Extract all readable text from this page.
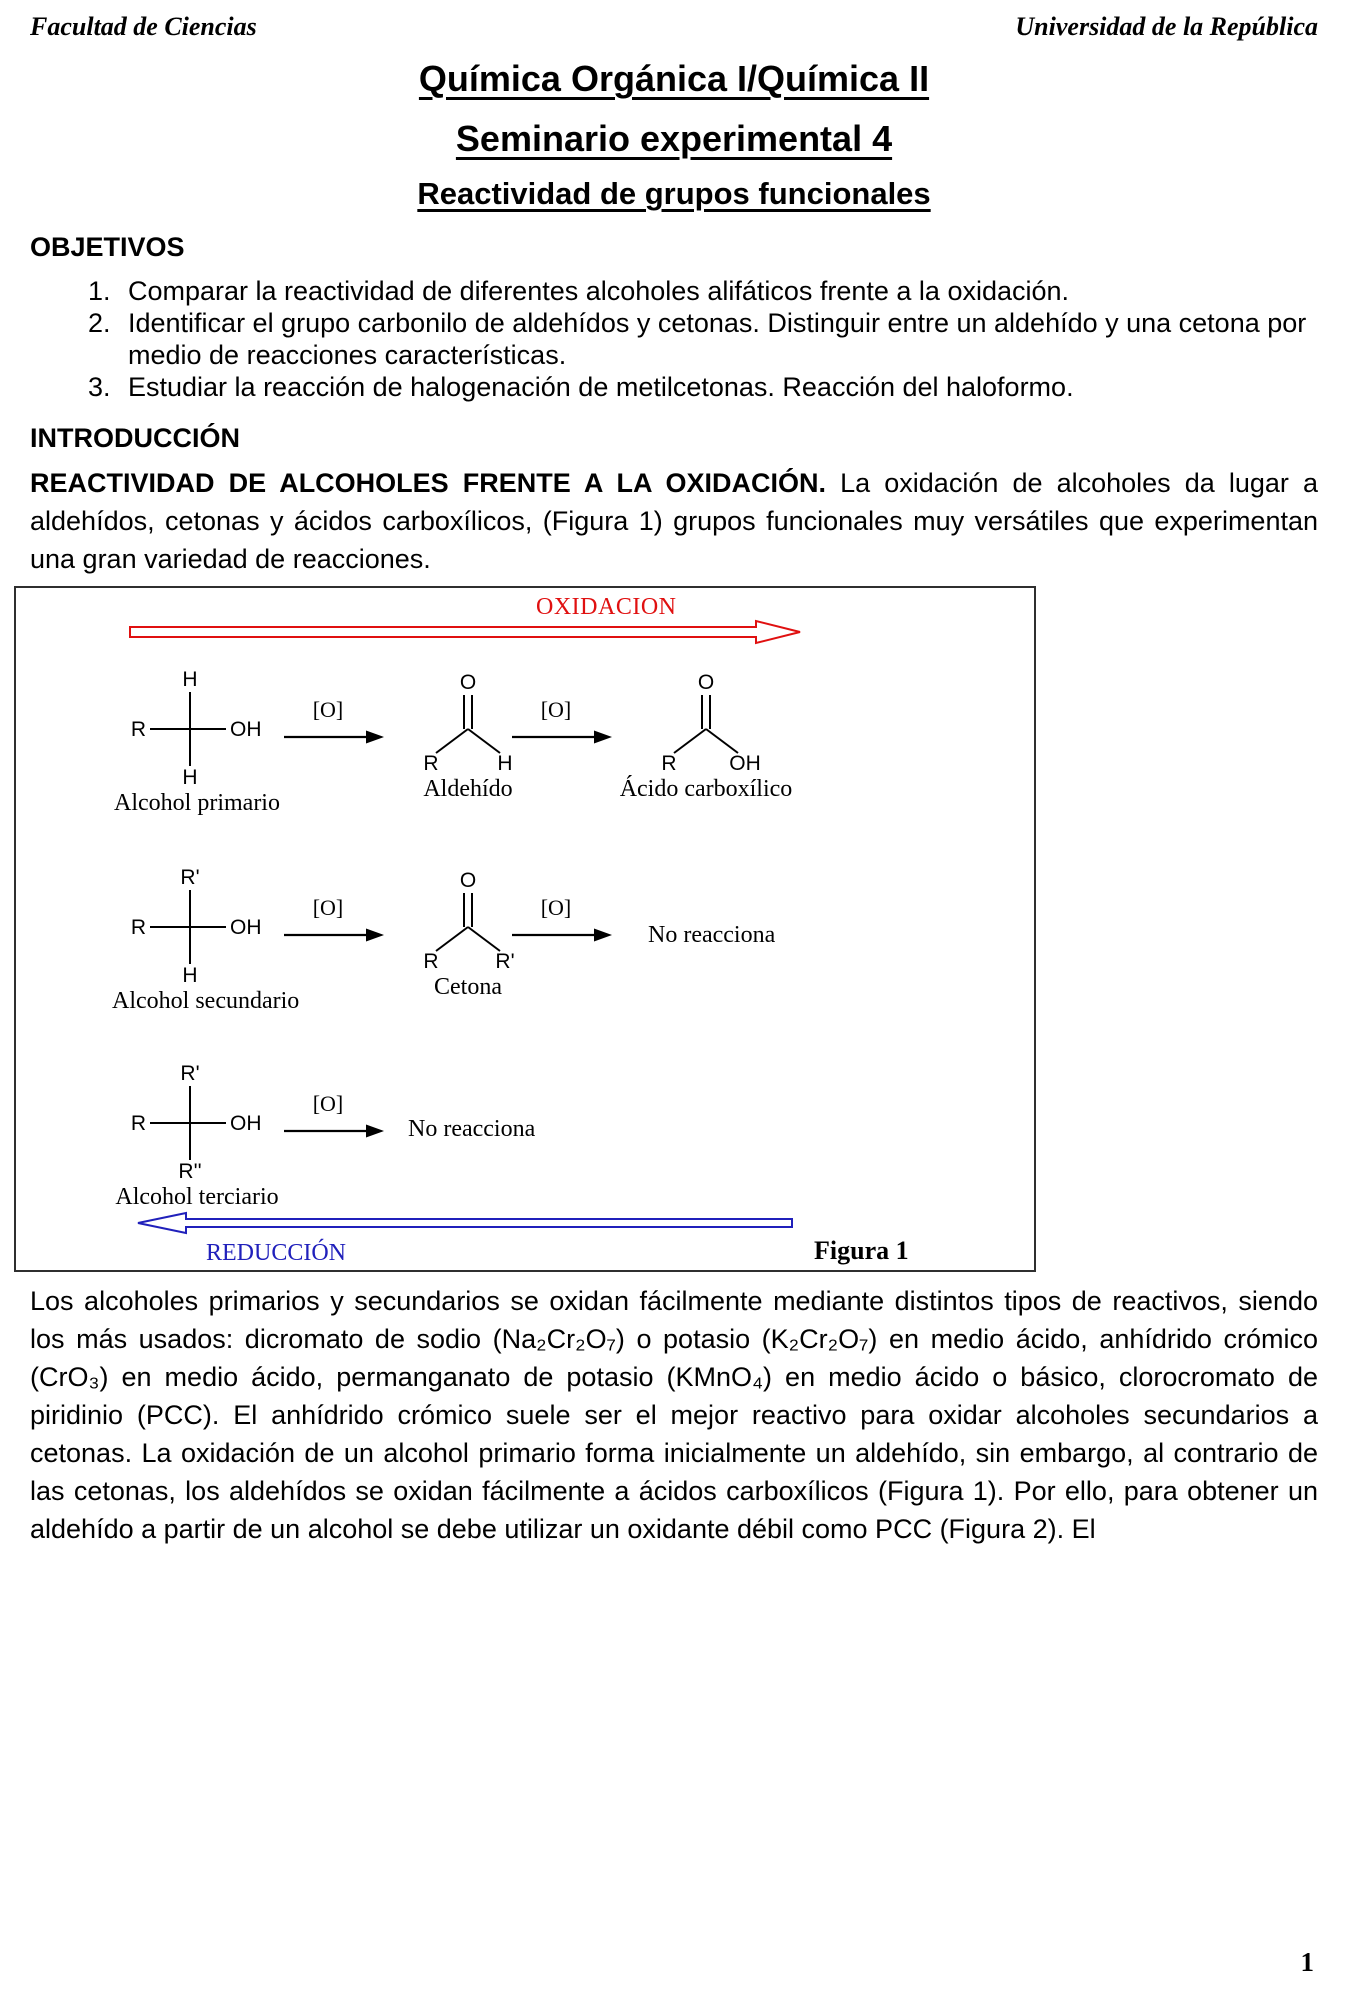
Facultad de Ciencias	Universidad de la República
Química Orgánica I/Química II
Seminario experimental 4
Reactividad de grupos funcionales
OBJETIVOS
1. Comparar la reactividad de diferentes alcoholes alifáticos frente a la oxidación.
2. Identificar el grupo carbonilo de aldehídos y cetonas. Distinguir entre un aldehído y una cetona por medio de reacciones características.
3. Estudiar la reacción de halogenación de metilcetonas. Reacción del haloformo.
INTRODUCCIÓN

REACTIVIDAD DE ALCOHOLES FRENTE A LA OXIDACIÓN. La oxidación de alcoholes da lugar a aldehídos, cetonas y ácidos carboxílicos, (Figura 1) grupos funcionales muy versátiles que experimentan una gran variedad de reacciones.

OXIDACION
H
H
R	OH
Alcohol primario
[O]
O
R	H
Aldehído
[O]
O
R	OH
Ácido carboxílico
R'
H
R	OH
Alcohol secundario
[O]
O
R	R'
Cetona
[O]
No reacciona
R'
R''
R	OH
Alcohol terciario
[O]
No reacciona
REDUCCIÓN	Figura 1

Los alcoholes primarios y secundarios se oxidan fácilmente mediante distintos tipos de reactivos, siendo los más usados: dicromato de sodio (Na₂Cr₂O₇) o potasio (K₂Cr₂O₇) en medio ácido, anhídrido crómico (CrO₃) en medio ácido, permanganato de potasio (KMnO₄) en medio ácido o básico, clorocromato de piridinio (PCC). El anhídrido crómico suele ser el mejor reactivo para oxidar alcoholes secundarios a cetonas. La oxidación de un alcohol primario forma inicialmente un aldehído, sin embargo, al contrario de las cetonas, los aldehídos se oxidan fácilmente a ácidos carboxílicos (Figura 1). Por ello, para obtener un aldehído a partir de un alcohol se debe utilizar un oxidante débil como PCC (Figura 2). El

1
